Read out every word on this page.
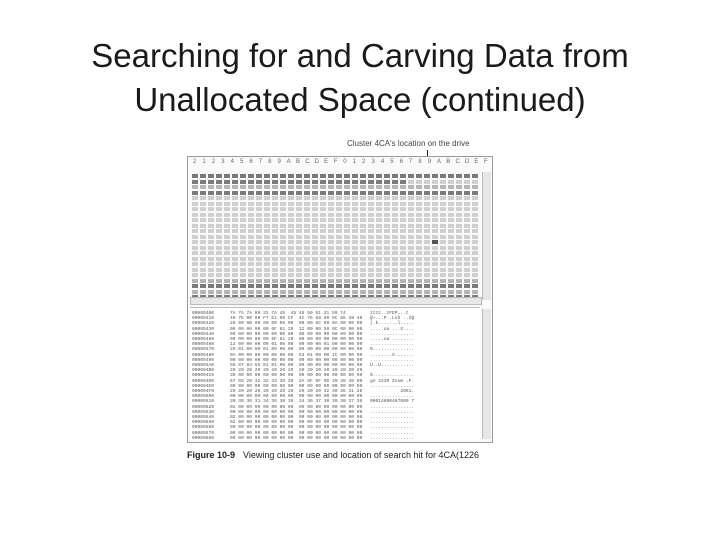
Searching for and Carving Data from Unallocated Space (continued)
Cluster 4CA's location on the drive
2 1 2 3 4 5 6 7 8 9 A B C D E F 0 1 2 3 4 5 6 7 8 9 A B C D E F
00009400	7A 7A 7A 80 31 7A 45  45 46 50 51 31 50 74	zzzz..zFEP...t
00009410	40 7E 00 00 F7 E1 50 CF  4C 76 68 60 0C 85 49 40 @~...P..Lvh`..I@
00009420	28 00 6B 00 00 00 06 00  06 00 6C 09 0A 00 00 00 (.k.......l.....
00009430	00 00 00 00 00 6F 61 20  12 00 00 58 0C 00 00 00 .....oa ...X....
00009440	00 00 00 00 00 00 00 00  00 00 00 00 00 00 00 00 ................
00009450	00 00 00 00 00 6F 61 20  00 00 00 00 00 00 00 00 .....oa ........
00009460	12 00 00 00 00 01 00 00  00 00 00 01 00 00 00 00 ................
00009470	25 01 00 00 01 00 00 00  00 00 00 00 00 00 00 00 %...............
00009480	0A 00 00 00 00 00 00 00  53 01 00 00 1C 00 00 00 ........S.......
00009490	00 00 00 00 00 00 00 00  00 00 00 00 00 00 00 00 ................
000094A0	55 87 84 55 81 01 00 00  00 00 00 00 00 00 00 00 U..U............
000094B0	20 20 20 20 20 20 20 20  20 20 20 20 20 20 20 20
000094C0	30 00 00 00 00 00 00 00  00 00 00 00 00 00 00 00 0...............
000094D0	67 65 20 32 32 33 30 20  2A 6F 6F 6D 20 30 46 00 ge 2230 Zoom .F.
000094E0	00 00 00 00 00 00 00 00  00 00 00 00 00 00 00 00 ................
000094F0	20 20 20 20 20 20 20 20  20 20 20 32 30 36 31 2E           2061.
00009500	00 00 00 00 00 00 00 00  00 00 00 00 00 00 00 00 ................
00009510	30 30 30 31 34 36 30 36  34 36 37 30 30 30 37 30 00014606467000 7
00009520	02 00 00 00 00 00 00 00  00 00 00 00 00 00 00 00 ................
00009530	00 00 00 00 00 00 00 00  00 00 00 00 00 00 00 00 ................
00009540	02 00 00 00 00 00 00 00  00 00 00 00 00 00 00 00 ................
00009550	02 00 00 00 00 00 00 00  00 00 00 00 00 00 00 00 ................
00009560	00 00 00 00 00 00 00 00  00 00 00 00 00 00 00 00 ................
00009570	00 00 00 00 00 00 00 00  00 00 00 00 00 00 00 00 ................
00009580	00 00 00 00 00 00 00 00  00 00 00 00 00 00 00 00 ................
Figure 10-9 Viewing cluster use and location of search hit for 4CA(1226
